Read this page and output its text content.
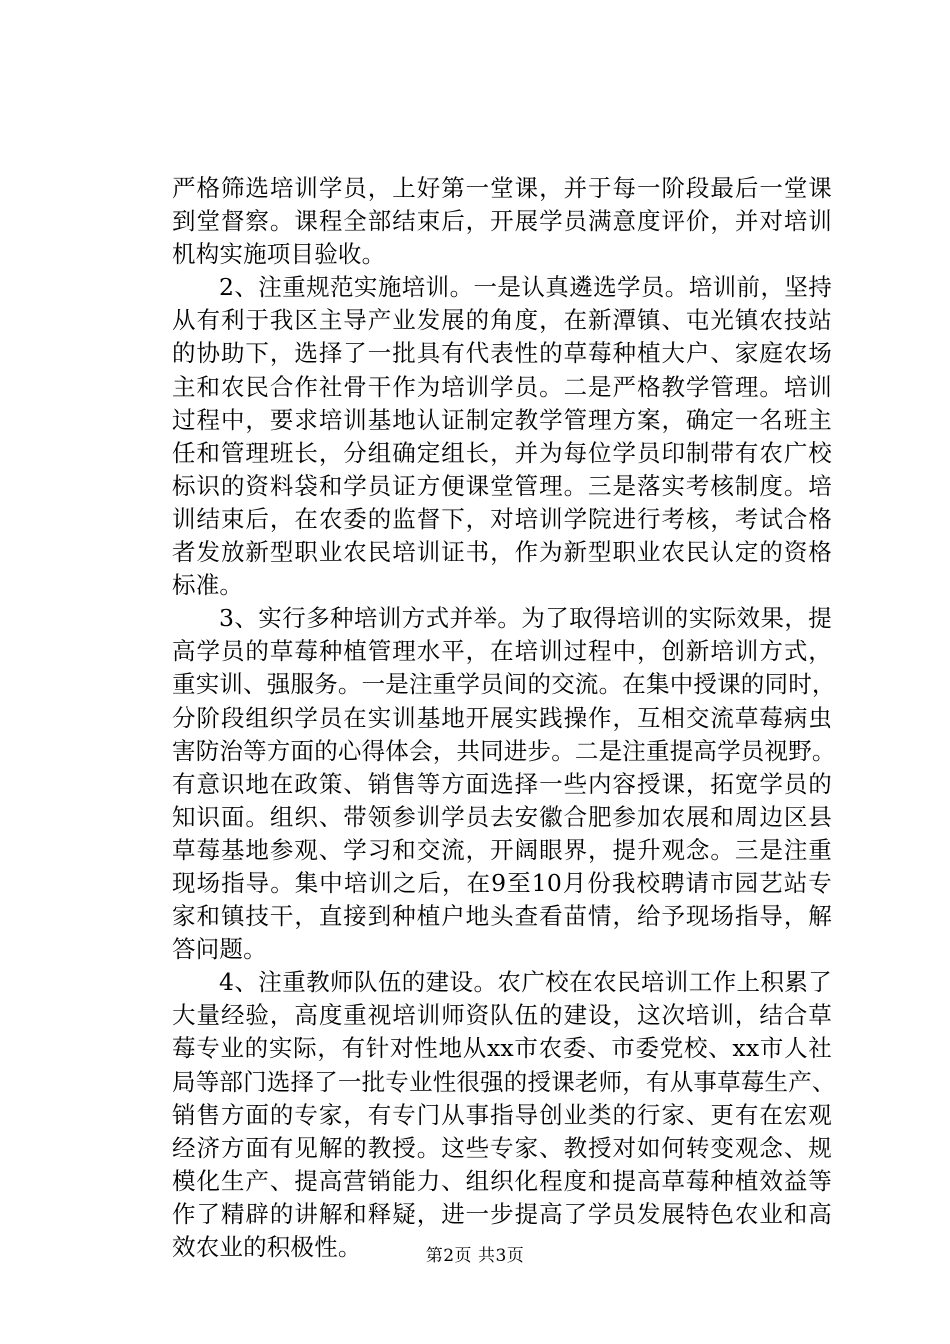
严格筛选培训学员，上好第一堂课，并于每一阶段最后一堂课
到堂督察。课程全部结束后，开展学员满意度评价，并对培训
机构实施项目验收。
2、注重规范实施培训。一是认真遴选学员。培训前，坚持
从有利于我区主导产业发展的角度，在新潭镇、屯光镇农技站
的协助下，选择了一批具有代表性的草莓种植大户、家庭农场
主和农民合作社骨干作为培训学员。二是严格教学管理。培训
过程中，要求培训基地认证制定教学管理方案，确定一名班主
任和管理班长，分组确定组长，并为每位学员印制带有农广校
标识的资料袋和学员证方便课堂管理。三是落实考核制度。培
训结束后，在农委的监督下，对培训学院进行考核，考试合格
者发放新型职业农民培训证书，作为新型职业农民认定的资格
标准。
3、实行多种培训方式并举。为了取得培训的实际效果，提
高学员的草莓种植管理水平，在培训过程中，创新培训方式，
重实训、强服务。一是注重学员间的交流。在集中授课的同时，
分阶段组织学员在实训基地开展实践操作，互相交流草莓病虫
害防治等方面的心得体会，共同进步。二是注重提高学员视野。
有意识地在政策、销售等方面选择一些内容授课，拓宽学员的
知识面。组织、带领参训学员去安徽合肥参加农展和周边区县
草莓基地参观、学习和交流，开阔眼界，提升观念。三是注重
现场指导。集中培训之后，在9至10月份我校聘请市园艺站专
家和镇技干，直接到种植户地头查看苗情，给予现场指导，解
答问题。
4、注重教师队伍的建设。农广校在农民培训工作上积累了
大量经验，高度重视培训师资队伍的建设，这次培训，结合草
莓专业的实际，有针对性地从xx市农委、市委党校、xx市人社
局等部门选择了一批专业性很强的授课老师，有从事草莓生产、
销售方面的专家，有专门从事指导创业类的行家、更有在宏观
经济方面有见解的教授。这些专家、教授对如何转变观念、规
模化生产、提高营销能力、组织化程度和提高草莓种植效益等
作了精辟的讲解和释疑，进一步提高了学员发展特色农业和高
效农业的积极性。	第2页 共3页
